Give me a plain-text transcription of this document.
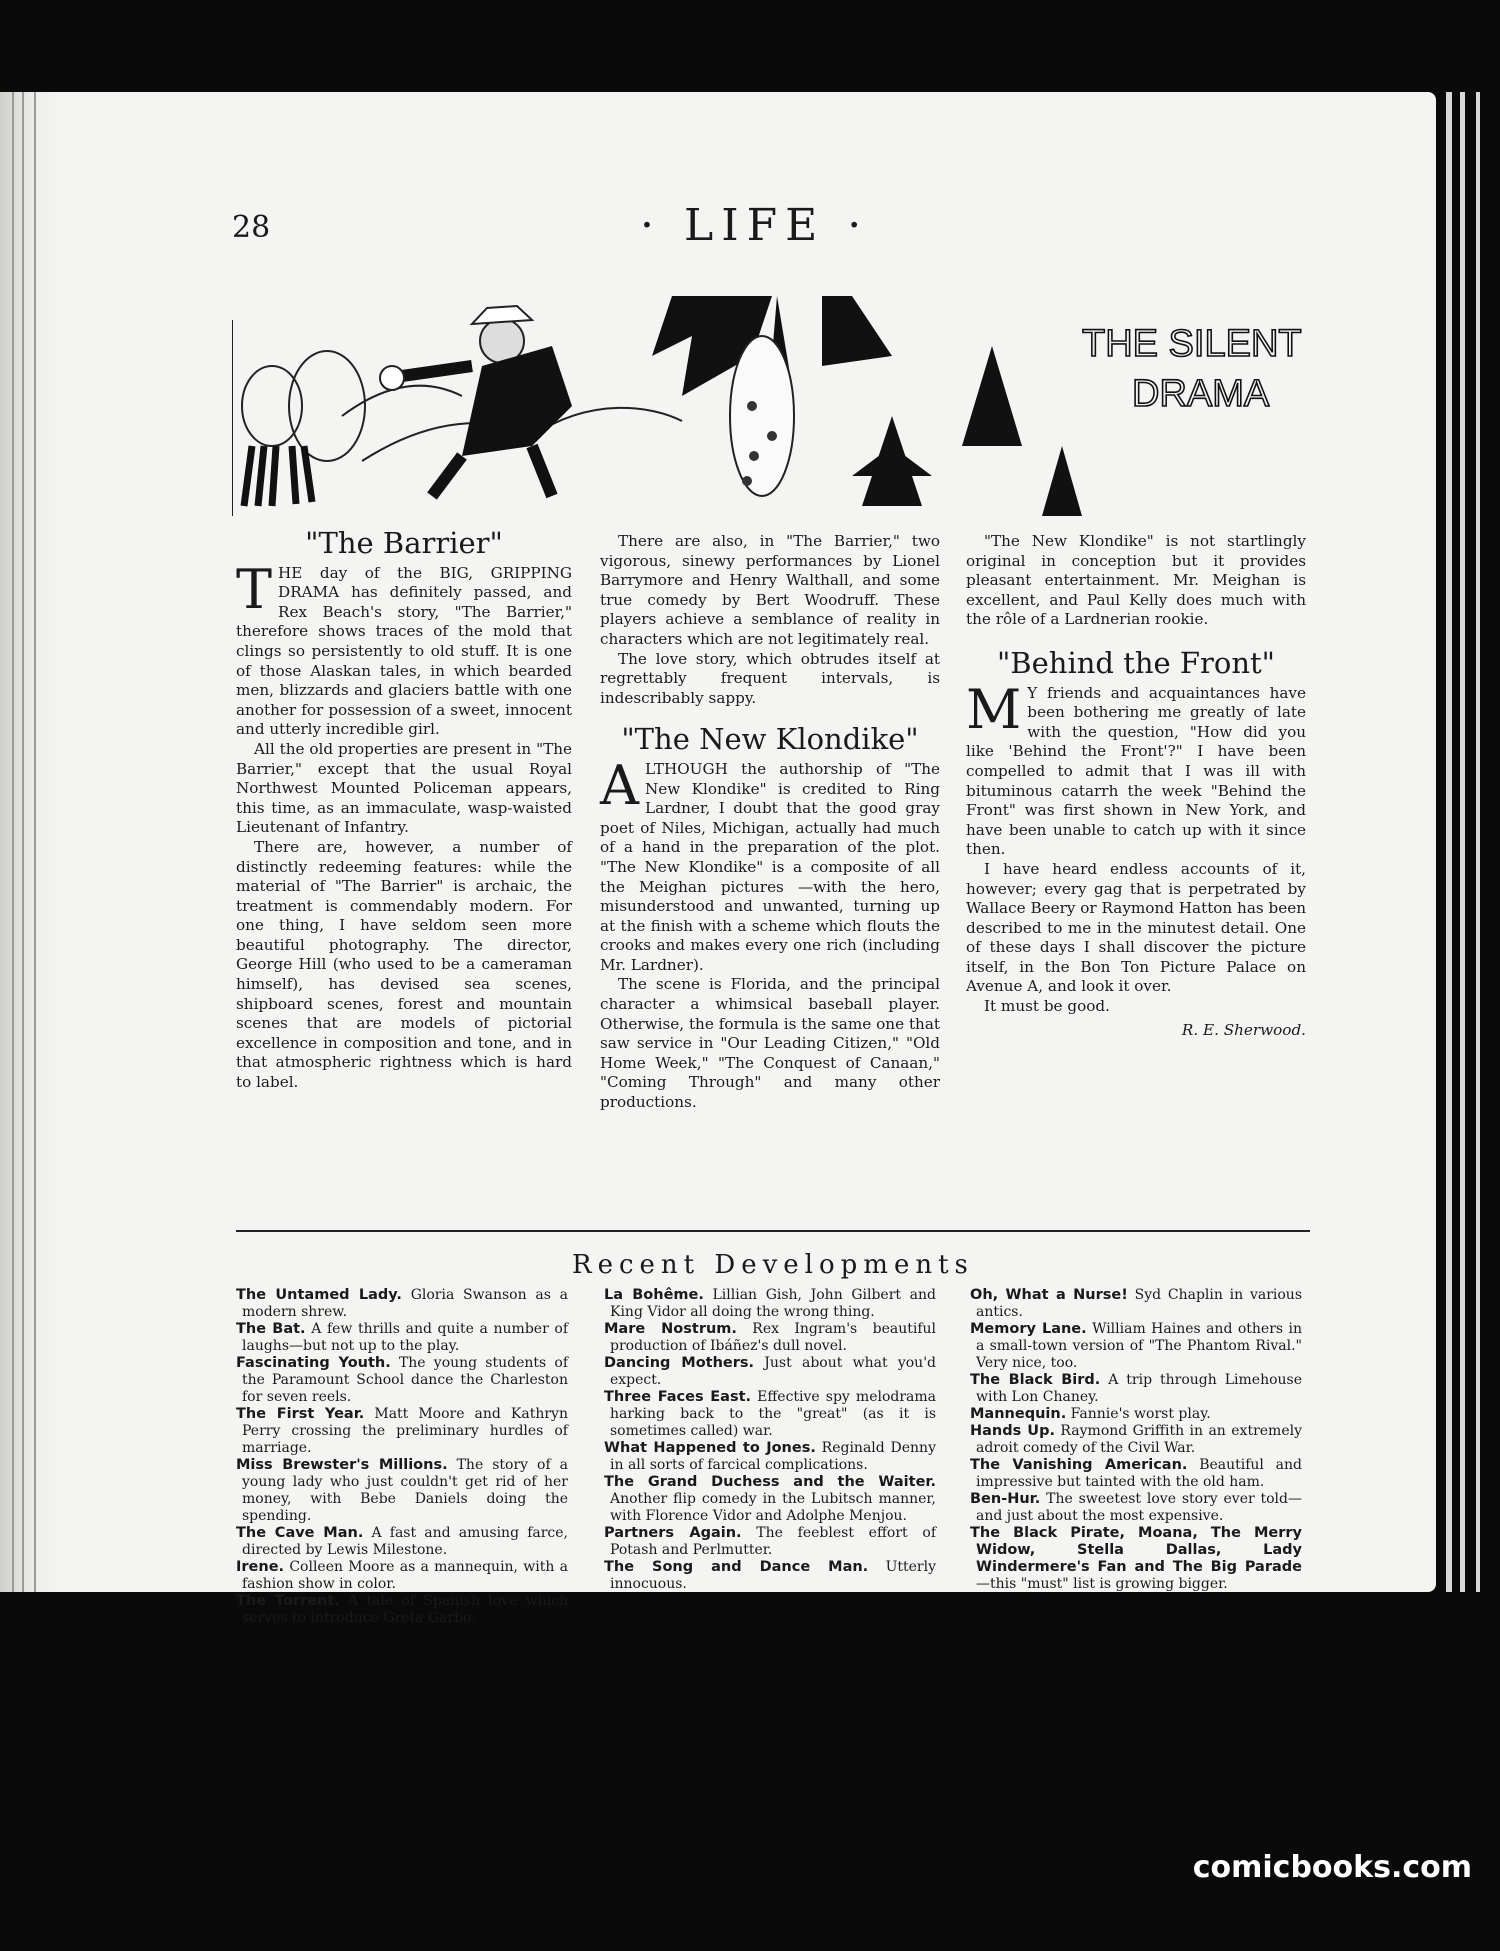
28	· LIFE ·
THE SILENT
DRAMA
"The Barrier"

THE day of the BIG, GRIPPING DRAMA has definitely passed, and Rex Beach's story, "The Barrier," therefore shows traces of the mold that clings so persistently to old stuff. It is one of those Alaskan tales, in which bearded men, blizzards and glaciers battle with one another for possession of a sweet, innocent and utterly incredible girl.

All the old properties are present in "The Barrier," except that the usual Royal Northwest Mounted Policeman appears, this time, as an immaculate, wasp-waisted Lieutenant of Infantry.

There are, however, a number of distinctly redeeming features: while the material of "The Barrier" is archaic, the treatment is commendably modern. For one thing, I have seldom seen more beautiful photography. The director, George Hill (who used to be a cameraman himself), has devised sea scenes, shipboard scenes, forest and mountain scenes that are models of pictorial excellence in composition and tone, and in that atmospheric rightness which is hard to label.

There are also, in "The Barrier," two vigorous, sinewy performances by Lionel Barrymore and Henry Walthall, and some true comedy by Bert Woodruff. These players achieve a semblance of reality in characters which are not legitimately real.

The love story, which obtrudes itself at regrettably frequent intervals, is indescribably sappy.

"The New Klondike"

ALTHOUGH the authorship of "The New Klondike" is credited to Ring Lardner, I doubt that the good gray poet of Niles, Michigan, actually had much of a hand in the preparation of the plot. "The New Klondike" is a composite of all the Meighan pictures —with the hero, misunderstood and unwanted, turning up at the finish with a scheme which flouts the crooks and makes every one rich (including Mr. Lardner).

The scene is Florida, and the principal character a whimsical baseball player. Otherwise, the formula is the same one that saw service in "Our Leading Citizen," "Old Home Week," "The Conquest of Canaan," "Coming Through" and many other productions.

"The New Klondike" is not startlingly original in conception but it provides pleasant entertainment. Mr. Meighan is excellent, and Paul Kelly does much with the rôle of a Lardnerian rookie.

"Behind the Front"

M Y friends and acquaintances have been bothering me greatly of late with the question, "How did you like 'Behind the Front'?" I have been compelled to admit that I was ill with bituminous catarrh the week "Behind the Front" was first shown in New York, and have been unable to catch up with it since then.

I have heard endless accounts of it, however; every gag that is perpetrated by Wallace Beery or Raymond Hatton has been described to me in the minutest detail. One of these days I shall discover the picture itself, in the Bon Ton Picture Palace on Avenue A, and look it over.

It must be good.

R. E. Sherwood.
Recent Developments

The Untamed Lady. Gloria Swanson as a modern shrew.

The Bat. A few thrills and quite a number of laughs—but not up to the play.

Fascinating Youth. The young students of the Paramount School dance the Charleston for seven reels.

The First Year. Matt Moore and Kathryn Perry crossing the preliminary hurdles of marriage.

Miss Brewster's Millions. The story of a young lady who just couldn't get rid of her money, with Bebe Daniels doing the spending.

The Cave Man. A fast and amusing farce, directed by Lewis Milestone.

Irene. Colleen Moore as a mannequin, with a fashion show in color.

The Torrent. A tale of Spanish love which serves to introduce Greta Garbo.

La Bohême. Lillian Gish, John Gilbert and King Vidor all doing the wrong thing.

Mare Nostrum. Rex Ingram's beautiful production of Ibáñez's dull novel.

Dancing Mothers. Just about what you'd expect.

Three Faces East. Effective spy melodrama harking back to the "great" (as it is sometimes called) war.

What Happened to Jones. Reginald Denny in all sorts of farcical complications.

The Grand Duchess and the Waiter. Another flip comedy in the Lubitsch manner, with Florence Vidor and Adolphe Menjou.

Partners Again. The feeblest effort of Potash and Perlmutter.

The Song and Dance Man. Utterly innocuous.

Oh, What a Nurse! Syd Chaplin in various antics.

Memory Lane. William Haines and others in a small-town version of "The Phantom Rival." Very nice, too.

The Black Bird. A trip through Limehouse with Lon Chaney.

Mannequin. Fannie's worst play.

Hands Up. Raymond Griffith in an extremely adroit comedy of the Civil War.

The Vanishing American. Beautiful and impressive but tainted with the old ham.

Ben-Hur. The sweetest love story ever told—and just about the most expensive.

The Black Pirate, Moana, The Merry Widow, Stella Dallas, Lady Windermere's Fan and The Big Parade —this "must" list is growing bigger.

comicbooks.com
